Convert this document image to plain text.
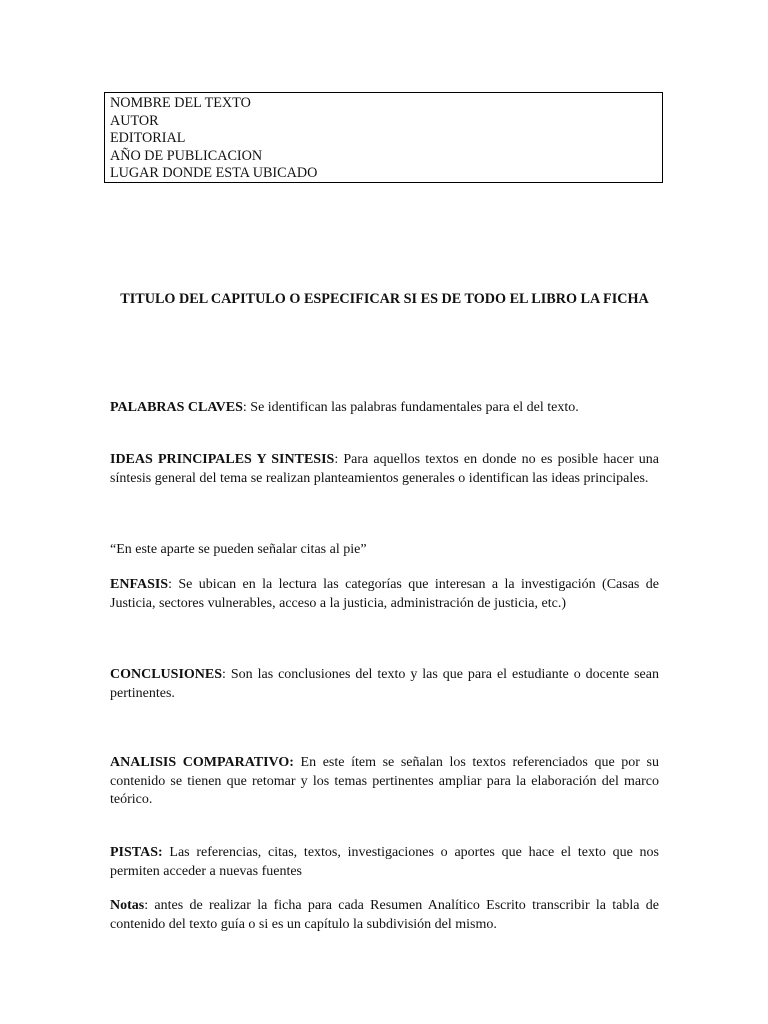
NOMBRE DEL TEXTO
AUTOR
EDITORIAL
AÑO DE PUBLICACION
LUGAR DONDE ESTA UBICADO
TITULO DEL CAPITULO O ESPECIFICAR SI ES DE TODO EL LIBRO LA FICHA
PALABRAS CLAVES: Se identifican las palabras fundamentales para el del texto.
IDEAS PRINCIPALES Y SINTESIS: Para aquellos textos en donde no es posible hacer una síntesis general del tema se realizan planteamientos generales o identifican las ideas principales.
“En este aparte se pueden señalar citas al pie”
ENFASIS: Se ubican en la lectura las categorías que interesan a la investigación (Casas de Justicia, sectores vulnerables, acceso a la justicia, administración de justicia, etc.)
CONCLUSIONES: Son las conclusiones del texto y las que para el estudiante o docente sean pertinentes.
ANALISIS COMPARATIVO: En este ítem se señalan los textos referenciados que por su contenido se tienen que retomar y los temas pertinentes ampliar para la elaboración del marco teórico.
PISTAS: Las referencias, citas, textos, investigaciones o aportes que hace el texto que nos permiten acceder a nuevas fuentes
Notas: antes de realizar la ficha para cada Resumen Analítico Escrito transcribir la tabla de contenido del texto guía o si es un capítulo la subdivisión del mismo.
